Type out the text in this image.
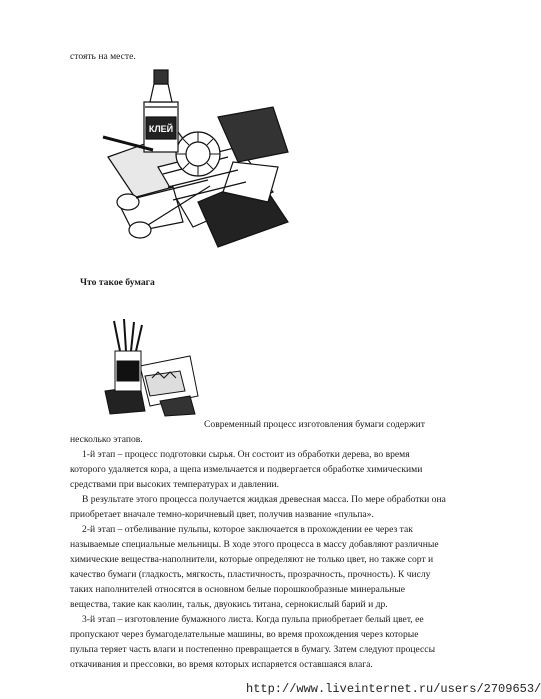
стоять на месте.
КЛЕЙ
Что такое бумага
Современный процесс изготовления бумаги содержит
несколько этапов.
1-й этап – процесс подготовки сырья. Он состоит из обработки дерева, во время
которого удаляется кора, а щепа измельчается и подвергается обработке химическими
средствами при высоких температурах и давлении.
В результате этого процесса получается жидкая древесная масса. По мере обработки она
приобретает вначале темно-коричневый цвет, получив название «пульпа».
2-й этап – отбеливание пульпы, которое заключается в прохождении ее через так
называемые специальные мельницы. В ходе этого процесса в массу добавляют различные
химические вещества-наполнители, которые определяют не только цвет, но также сорт и
качество бумаги (гладкость, мягкость, пластичность, прозрачность, прочность). К числу
таких наполнителей относятся в основном белые порошкообразные минеральные
вещества, такие как каолин, тальк, двуокись титана, сернокислый барий и др.
3-й этап – изготовление бумажного листа. Когда пульпа приобретает белый цвет, ее
пропускают через бумагоделательные машины, во время прохождения через которые
пульпа теряет часть влаги и постепенно превращается в бумагу. Затем следуют процессы
откачивания и прессовки, во время которых испаряется оставшаяся влага.
http://www.liveinternet.ru/users/2709653/
